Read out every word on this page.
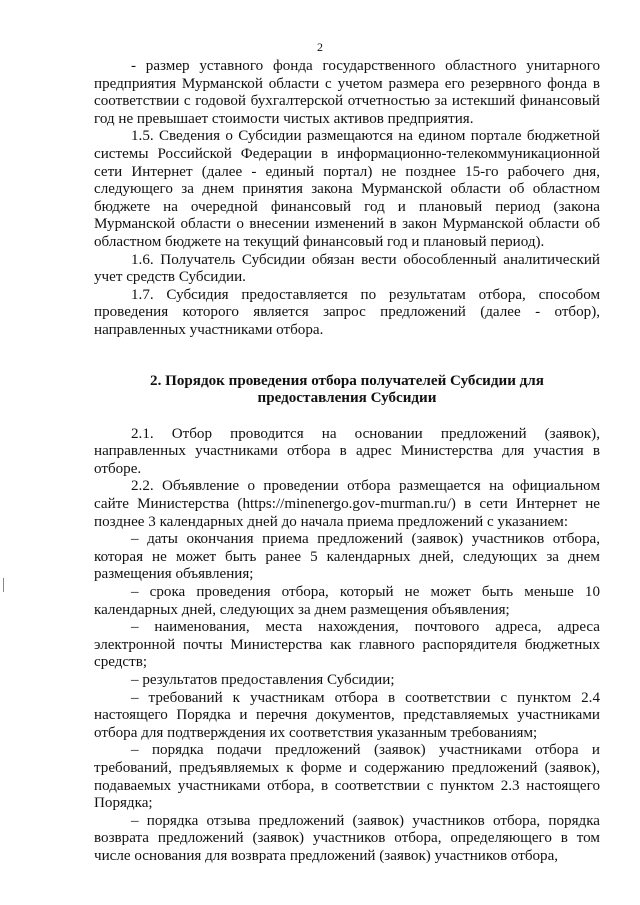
2

- размер уставного фонда государственного областного унитарного предприятия Мурманской области с учетом размера его резервного фонда в соответствии с годовой бухгалтерской отчетностью за истекший финансовый год не превышает стоимости чистых активов предприятия.

1.5. Сведения о Субсидии размещаются на едином портале бюджетной системы Российской Федерации в информационно-телекоммуникационной сети Интернет (далее - единый портал) не позднее 15-го рабочего дня, следующего за днем принятия закона Мурманской области об областном бюджете на очередной финансовый год и плановый период (закона Мурманской области о внесении изменений в закон Мурманской области об областном бюджете на текущий финансовый год и плановый период).

1.6. Получатель Субсидии обязан вести обособленный аналитический учет средств Субсидии.

1.7. Субсидия предоставляется по результатам отбора, способом проведения которого является запрос предложений (далее - отбор), направленных участниками отбора.

2. Порядок проведения отбора получателей Субсидии для предоставления Субсидии

2.1. Отбор проводится на основании предложений (заявок), направленных участниками отбора в адрес Министерства для участия в отборе.

2.2. Объявление о проведении отбора размещается на официальном сайте Министерства (https://minenergo.gov-murman.ru/) в сети Интернет не позднее 3 календарных дней до начала приема предложений с указанием:

– даты окончания приема предложений (заявок) участников отбора, которая не может быть ранее 5 календарных дней, следующих за днем размещения объявления;

– срока проведения отбора, который не может быть меньше 10 календарных дней, следующих за днем размещения объявления;

– наименования, места нахождения, почтового адреса, адреса электронной почты Министерства как главного распорядителя бюджетных средств;

– результатов предоставления Субсидии;

– требований к участникам отбора в соответствии с пунктом 2.4 настоящего Порядка и перечня документов, представляемых участниками отбора для подтверждения их соответствия указанным требованиям;

– порядка подачи предложений (заявок) участниками отбора и требований, предъявляемых к форме и содержанию предложений (заявок), подаваемых участниками отбора, в соответствии с пунктом 2.3 настоящего Порядка;

– порядка отзыва предложений (заявок) участников отбора, порядка возврата предложений (заявок) участников отбора, определяющего в том числе основания для возврата предложений (заявок) участников отбора,
